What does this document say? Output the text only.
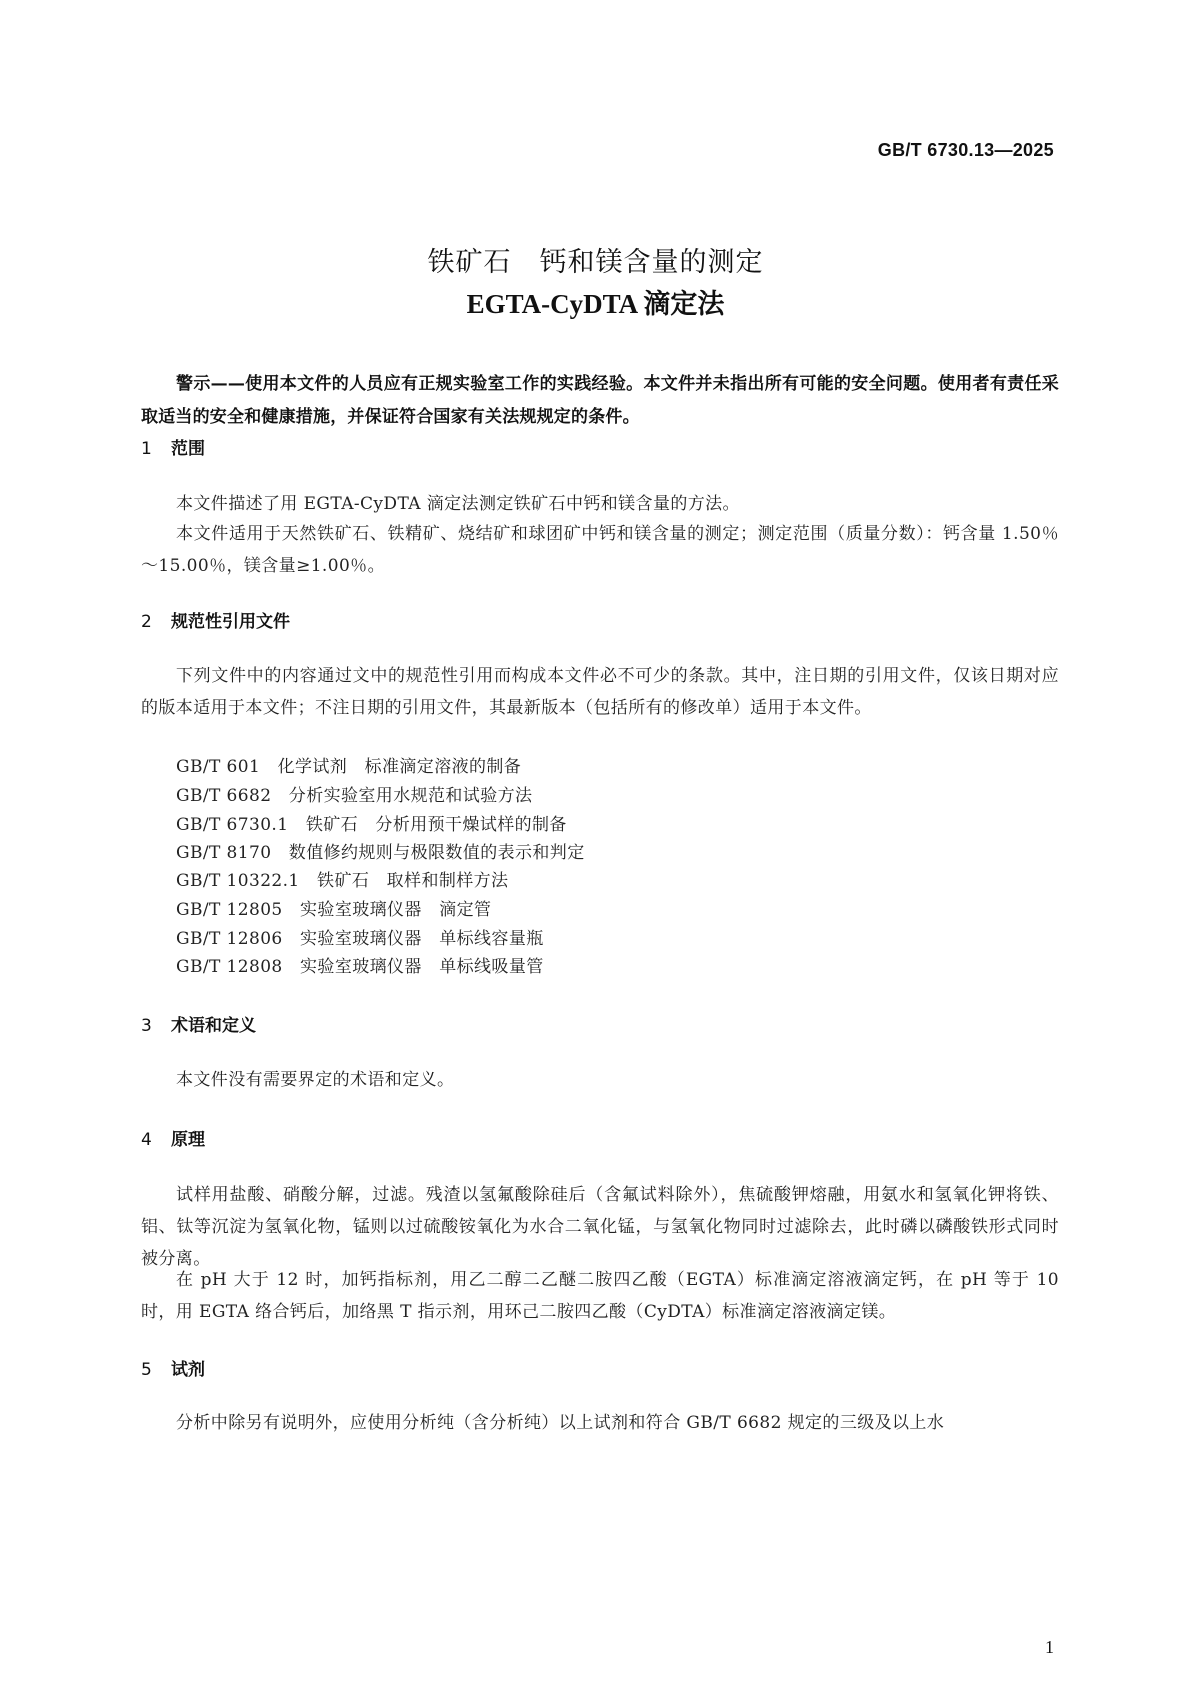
GB/T 6730.13—2025
铁矿石　钙和镁含量的测定
EGTA-CyDTA 滴定法
警示——使用本文件的人员应有正规实验室工作的实践经验。本文件并未指出所有可能的安全问题。使用者有责任采取适当的安全和健康措施，并保证符合国家有关法规规定的条件。
1 范围
本文件描述了用 EGTA-CyDTA 滴定法测定铁矿石中钙和镁含量的方法。
本文件适用于天然铁矿石、铁精矿、烧结矿和球团矿中钙和镁含量的测定；测定范围（质量分数）：钙含量 1.50％～15.00％，镁含量≥1.00％。
2 规范性引用文件
下列文件中的内容通过文中的规范性引用而构成本文件必不可少的条款。其中，注日期的引用文件，仅该日期对应的版本适用于本文件；不注日期的引用文件，其最新版本（包括所有的修改单）适用于本文件。
GB/T 601　化学试剂　标准滴定溶液的制备
GB/T 6682　分析实验室用水规范和试验方法
GB/T 6730.1　铁矿石　分析用预干燥试样的制备
GB/T 8170　数值修约规则与极限数值的表示和判定
GB/T 10322.1　铁矿石　取样和制样方法
GB/T 12805　实验室玻璃仪器　滴定管
GB/T 12806　实验室玻璃仪器　单标线容量瓶
GB/T 12808　实验室玻璃仪器　单标线吸量管
3 术语和定义
本文件没有需要界定的术语和定义。
4 原理
试样用盐酸、硝酸分解，过滤。残渣以氢氟酸除硅后（含氟试料除外），焦硫酸钾熔融，用氨水和氢氧化钾将铁、铝、钛等沉淀为氢氧化物，锰则以过硫酸铵氧化为水合二氧化锰，与氢氧化物同时过滤除去，此时磷以磷酸铁形式同时被分离。
在 pH 大于 12 时，加钙指标剂，用乙二醇二乙醚二胺四乙酸（EGTA）标准滴定溶液滴定钙，在 pH 等于 10 时，用 EGTA 络合钙后，加络黑 T 指示剂，用环己二胺四乙酸（CyDTA）标准滴定溶液滴定镁。
5 试剂
分析中除另有说明外，应使用分析纯（含分析纯）以上试剂和符合 GB/T 6682 规定的三级及以上水
1
